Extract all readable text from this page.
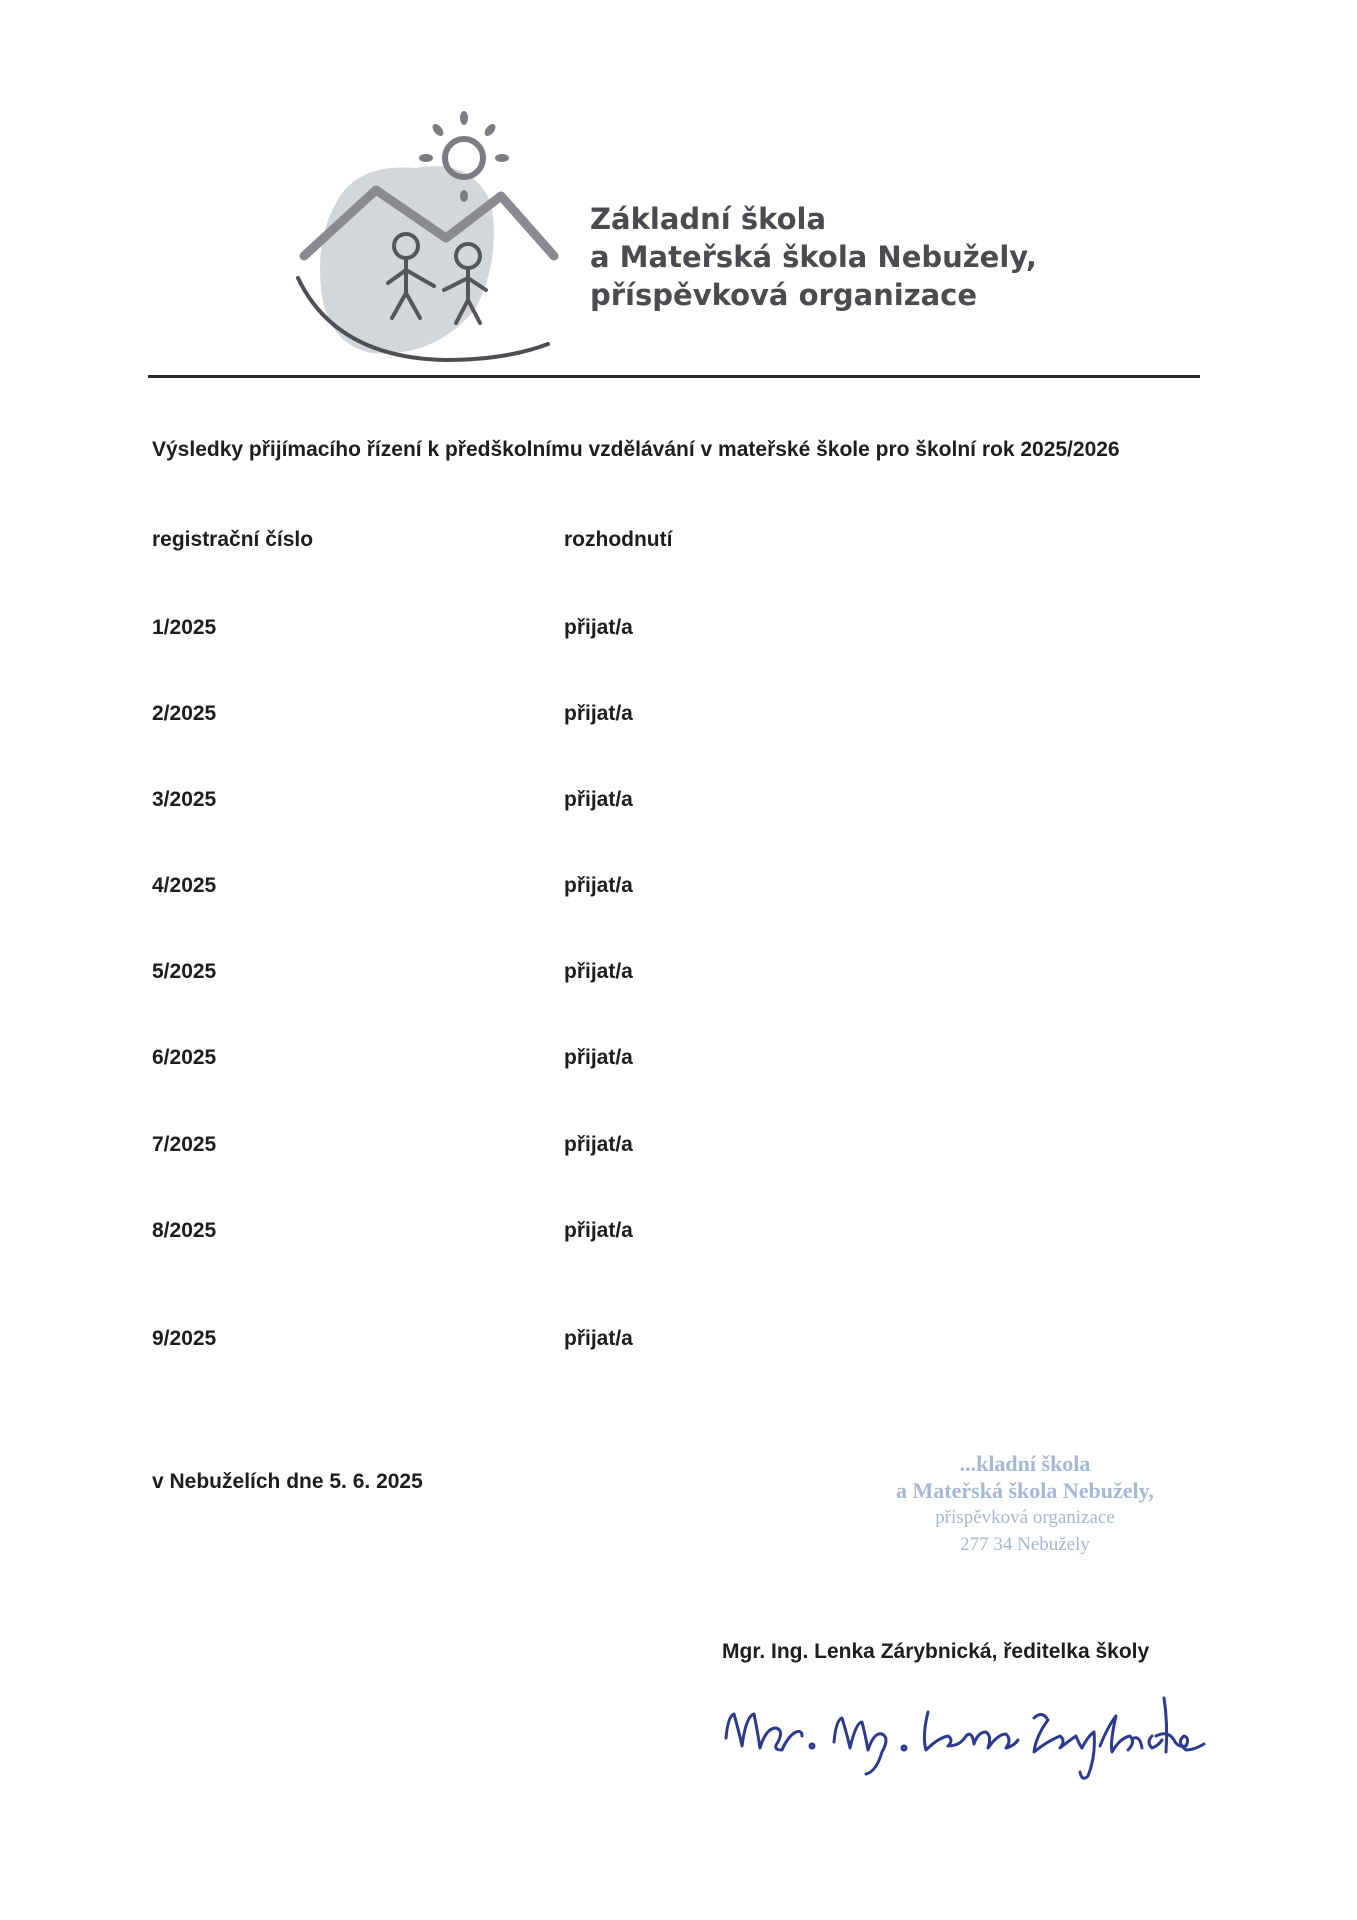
Základní škola
a Mateřská škola Nebužely,
příspěvková organizace
Výsledky přijímacího řízení k předškolnímu vzdělávání v mateřské škole pro školní rok 2025/2026
registrační číslo	rozhodnutí
1/2025	přijat/a
2/2025	přijat/a
3/2025	přijat/a
4/2025	přijat/a
5/2025	přijat/a
6/2025	přijat/a
7/2025	přijat/a
8/2025	přijat/a
9/2025	přijat/a
v Nebuželích dne 5. 6. 2025
...kladní škola
a Mateřská škola Nebužely,
příspěvková organizace
277 34 Nebužely
Mgr. Ing. Lenka Zárybnická, ředitelka školy
